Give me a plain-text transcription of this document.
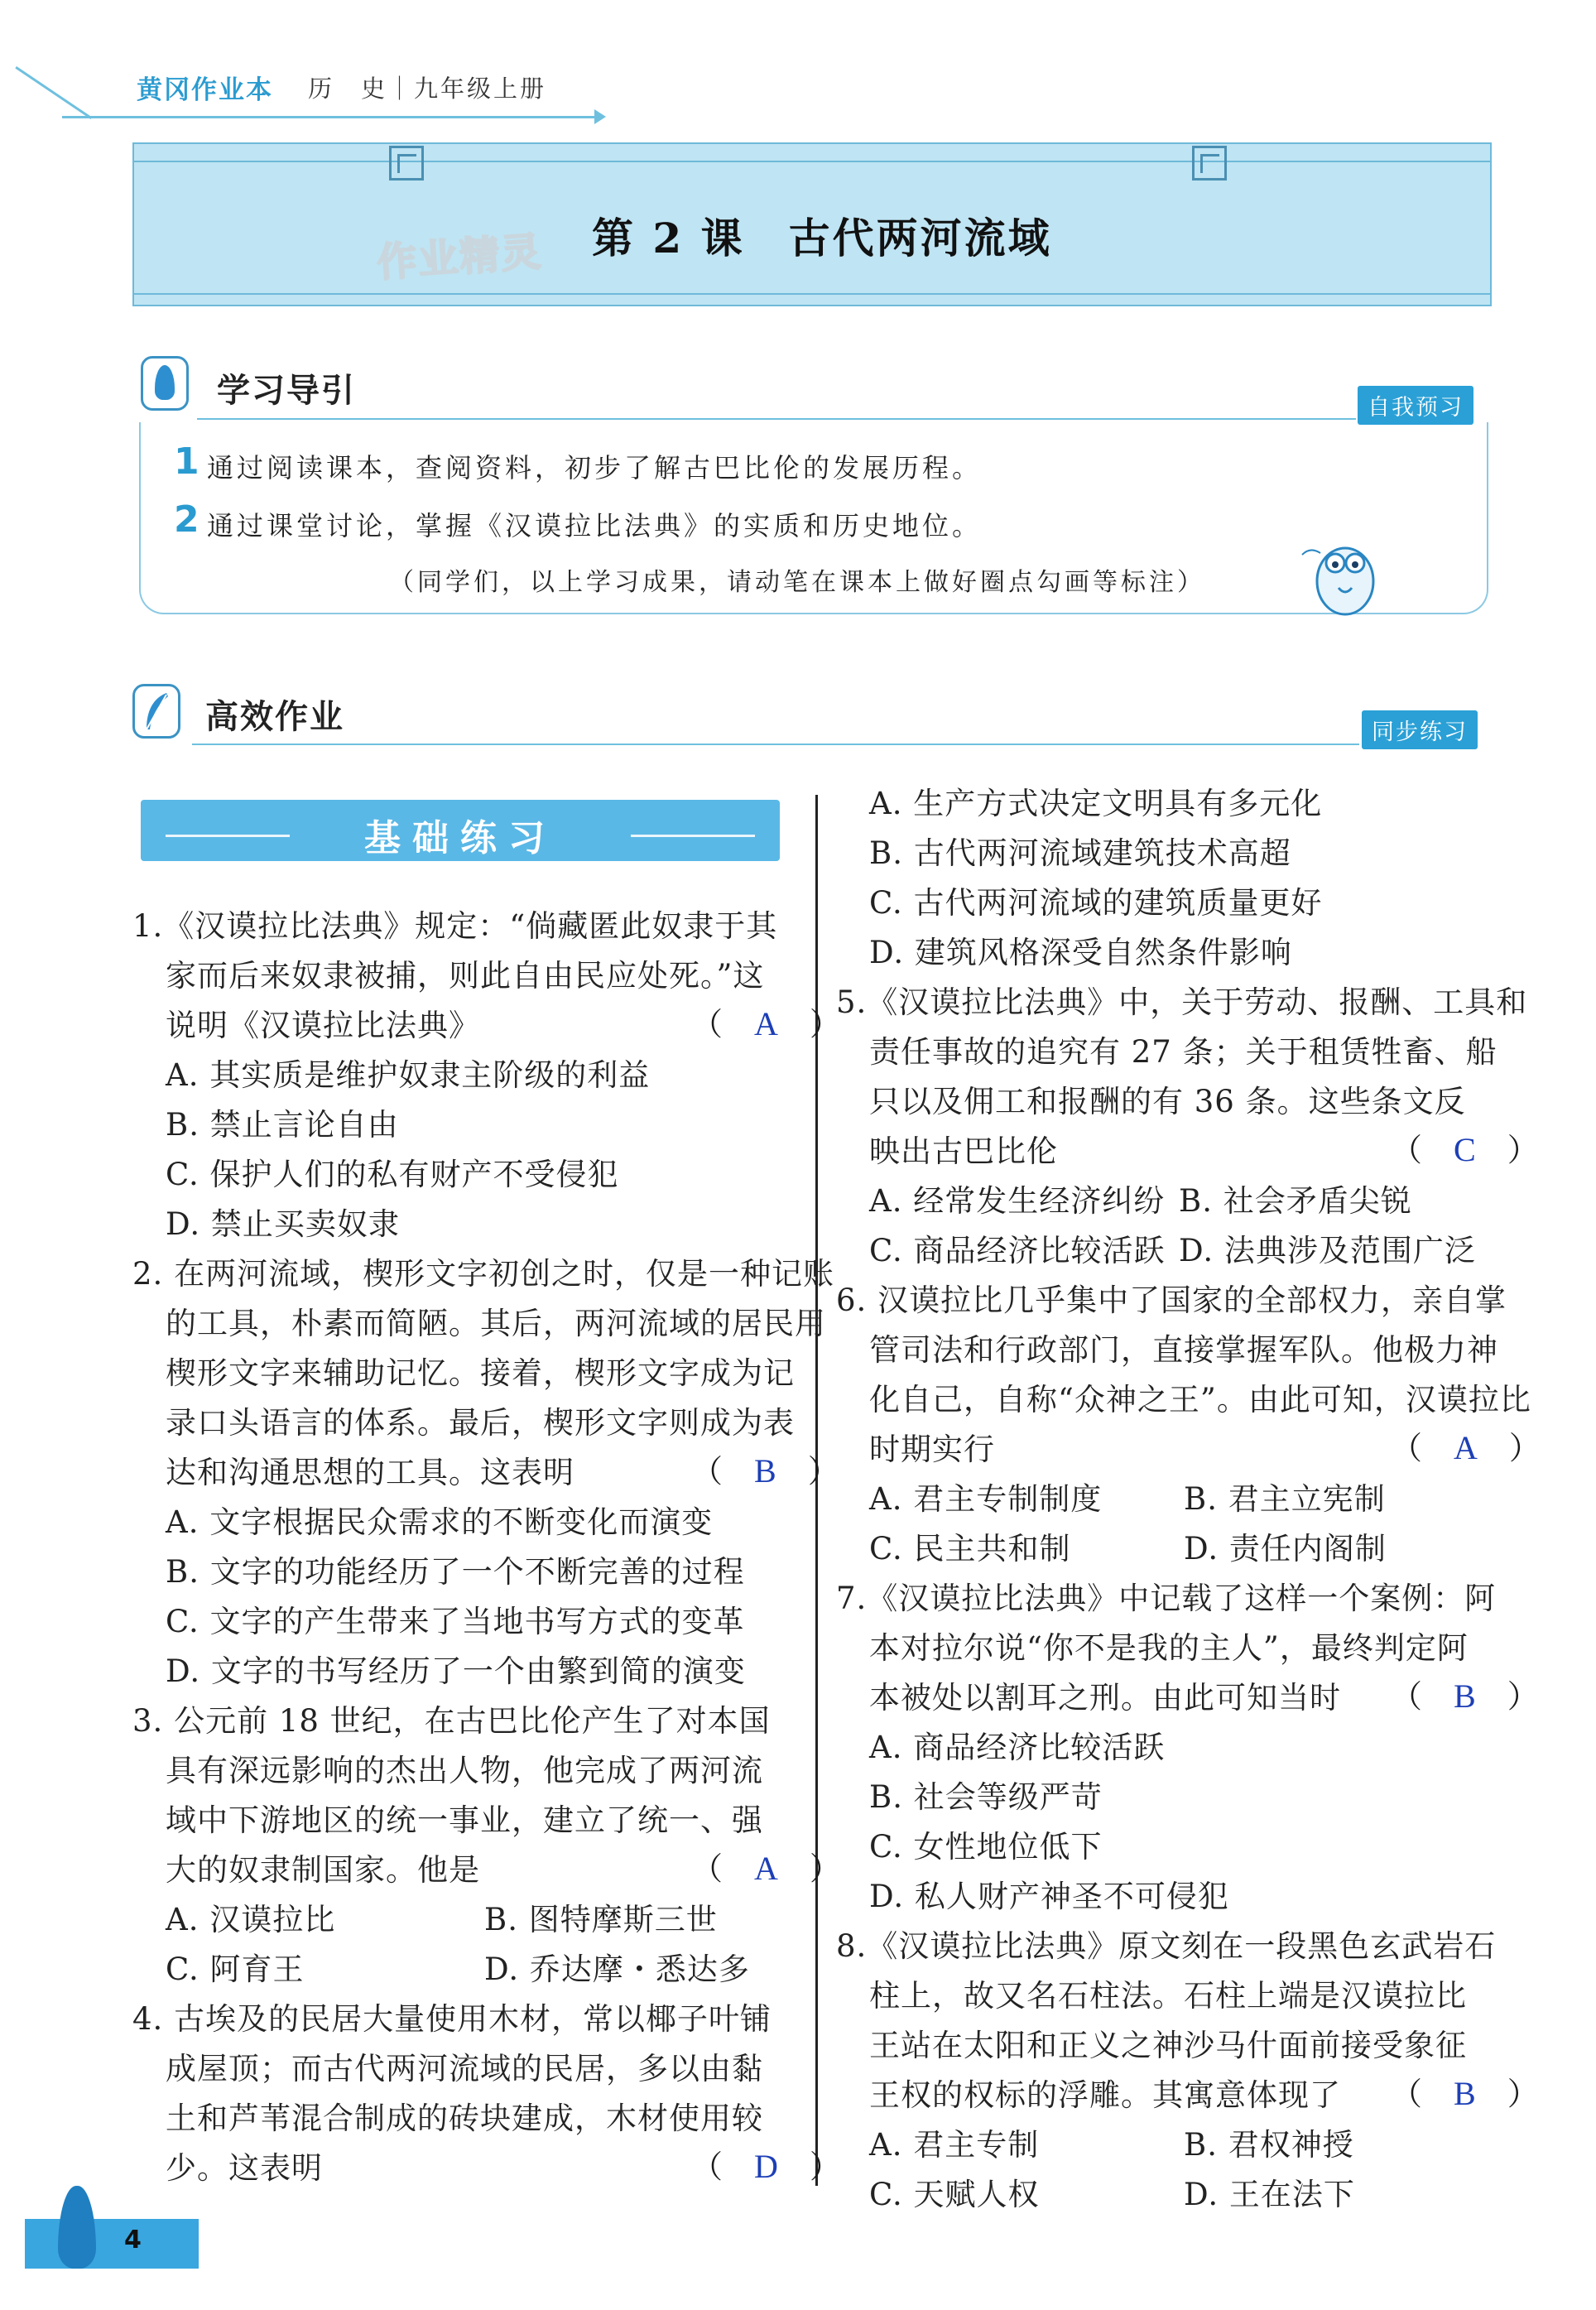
黄冈作业本 历　史｜九年级上册
作业精灵 第 2 课　古代两河流域
学习导引	自我预习
1 通过阅读课本，查阅资料，初步了解古巴比伦的发展历程。
2 通过课堂讨论，掌握《汉谟拉比法典》的实质和历史地位。
（同学们，以上学习成果，请动笔在课本上做好圈点勾画等标注）
高效作业	同步练习
基础练习
1.《汉谟拉比法典》规定：“倘藏匿此奴隶于其
家而后来奴隶被捕，则此自由民应处死。”这
说明《汉谟拉比法典》	（　A　）
A. 其实质是维护奴隶主阶级的利益
B. 禁止言论自由
C. 保护人们的私有财产不受侵犯
D. 禁止买卖奴隶
2. 在两河流域，楔形文字初创之时，仅是一种记账
的工具，朴素而简陋。其后，两河流域的居民用
楔形文字来辅助记忆。接着，楔形文字成为记
录口头语言的体系。最后，楔形文字则成为表
达和沟通思想的工具。这表明	（　B　）
A. 文字根据民众需求的不断变化而演变
B. 文字的功能经历了一个不断完善的过程
C. 文字的产生带来了当地书写方式的变革
D. 文字的书写经历了一个由繁到简的演变
3. 公元前 18 世纪，在古巴比伦产生了对本国
具有深远影响的杰出人物，他完成了两河流
域中下游地区的统一事业，建立了统一、强
大的奴隶制国家。他是	（　A　）
A. 汉谟拉比	B. 图特摩斯三世
C. 阿育王	D. 乔达摩・悉达多
4. 古埃及的民居大量使用木材，常以椰子叶铺
成屋顶；而古代两河流域的民居，多以由黏
土和芦苇混合制成的砖块建成，木材使用较
少。这表明	（　D　）
A. 生产方式决定文明具有多元化
B. 古代两河流域建筑技术高超
C. 古代两河流域的建筑质量更好
D. 建筑风格深受自然条件影响
5.《汉谟拉比法典》中，关于劳动、报酬、工具和
责任事故的追究有 27 条；关于租赁牲畜、船
只以及佣工和报酬的有 36 条。这些条文反
映出古巴比伦	（　C　）
A. 经常发生经济纠纷 B. 社会矛盾尖锐
C. 商品经济比较活跃 D. 法典涉及范围广泛
6. 汉谟拉比几乎集中了国家的全部权力，亲自掌
管司法和行政部门，直接掌握军队。他极力神
化自己，自称“众神之王”。由此可知，汉谟拉比
时期实行	（　A　）
A. 君主专制制度	B. 君主立宪制
C. 民主共和制	D. 责任内阁制
7.《汉谟拉比法典》中记载了这样一个案例：阿
本对拉尔说“你不是我的主人”，最终判定阿
本被处以割耳之刑。由此可知当时 （　B　）
A. 商品经济比较活跃
B. 社会等级严苛
C. 女性地位低下
D. 私人财产神圣不可侵犯
8.《汉谟拉比法典》原文刻在一段黑色玄武岩石
柱上，故又名石柱法。石柱上端是汉谟拉比
王站在太阳和正义之神沙马什面前接受象征
王权的权标的浮雕。其寓意体现了 （　B　）
A. 君主专制	B. 君权神授
C. 天赋人权	D. 王在法下
4
